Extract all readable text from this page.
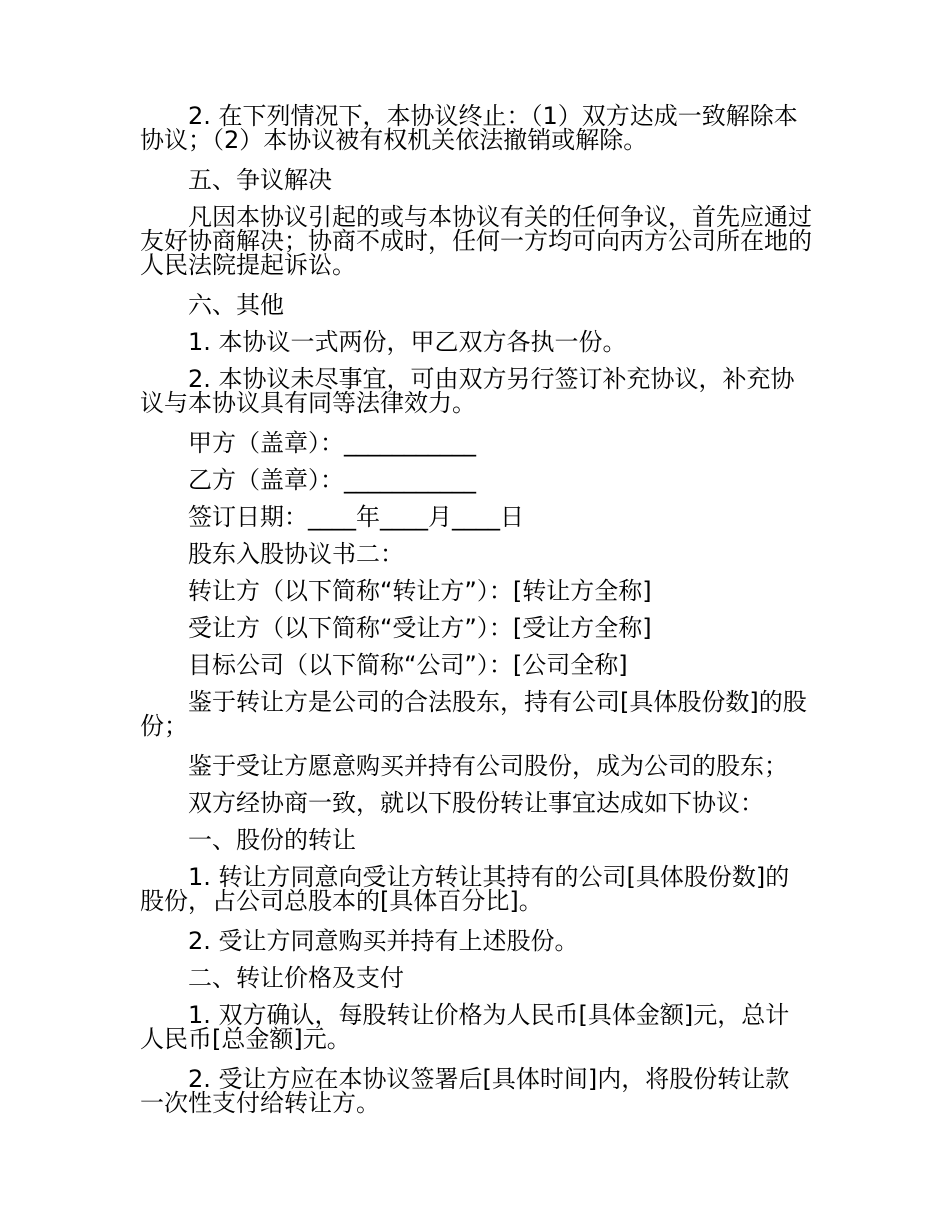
2. 在下列情况下，本协议终止：（1）双方达成一致解除本协议；（2）本协议被有权机关依法撤销或解除。

五、争议解决

凡因本协议引起的或与本协议有关的任何争议，首先应通过友好协商解决；协商不成时，任何一方均可向丙方公司所在地的人民法院提起诉讼。

六、其他

1. 本协议一式两份，甲乙双方各执一份。

2. 本协议未尽事宜，可由双方另行签订补充协议，补充协议与本协议具有同等法律效力。

甲方（盖章）：___________

乙方（盖章）：___________

签订日期：____年____月____日

股东入股协议书二：

转让方（以下简称“转让方”）：[转让方全称]

受让方（以下简称“受让方”）：[受让方全称]

目标公司（以下简称“公司”）：[公司全称]

鉴于转让方是公司的合法股东，持有公司[具体股份数]的股份；

鉴于受让方愿意购买并持有公司股份，成为公司的股东；

双方经协商一致，就以下股份转让事宜达成如下协议：

一、股份的转让

1. 转让方同意向受让方转让其持有的公司[具体股份数]的股份，占公司总股本的[具体百分比]。

2. 受让方同意购买并持有上述股份。

二、转让价格及支付

1. 双方确认，每股转让价格为人民币[具体金额]元，总计人民币[总金额]元。

2. 受让方应在本协议签署后[具体时间]内，将股份转让款一次性支付给转让方。
